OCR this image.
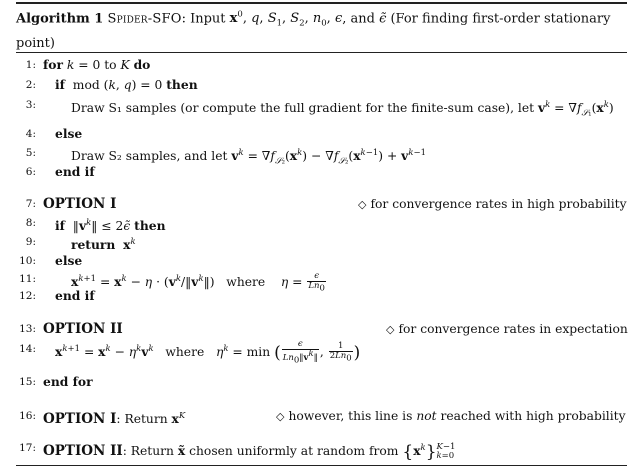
Algorithm 1 Spider-SFO: Input $x^0$, q, $S_1$, $S_2$, $n_0$, ϵ, and ϵ̃ (For finding first-order stationary
point)
1: for k = 0 to K do
2: if  mod (k, q) = 0 then
3:	Draw S₁ samples (or compute the full gradient for the finite-sum case), let $v^k = \nabla f_{𝒮_1}(x^k)$
4: else
5:	Draw S₂ samples, and let $v^k = \nabla f_{𝒮_2}(x^k) - \nabla f_{𝒮_2}(x^{k-1}) + v^{k-1}$
6: end if
7: OPTION I	◇ for convergence rates in high probability
8: if  $‖v^k‖$ ≤ 2ϵ̃ then
9:	return $x^k$
10: else
11:	$x^{k+1} = x^k - \eta$ · $(v^k/‖v^k‖)$ where $\eta = \frac{\epsilon}{Ln_0}$
12: end if
13: OPTION II	◇ for convergence rates in expectation
14: $x^{k+1} = x^k - \eta^kv^k$ where $\eta^k = \min$ ( $\frac{\epsilon}{Ln_0‖v^k‖}$ , $\frac{1}{2Ln_0}$ )
15: end for
16: OPTION I: Return $x^K$	◇ however, this line is not reached with high probability
17: OPTION II: Return x̃ chosen uniformly at random from $\{x^k\}$ K−1
k=0
